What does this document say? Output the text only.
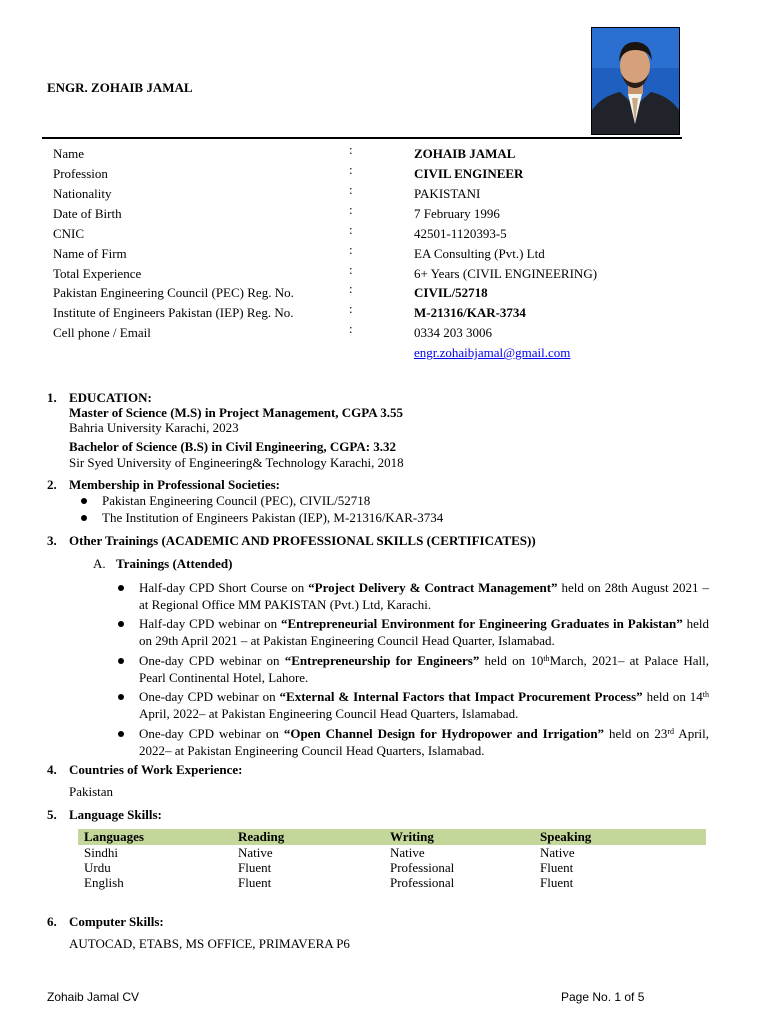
ENGR. ZOHAIB JAMAL
Name	:	ZOHAIB JAMAL
Profession	:	CIVIL ENGINEER
Nationality	:	PAKISTANI
Date of Birth	:	7 February 1996
CNIC	:	42501-1120393-5
Name of Firm	:	EA Consulting (Pvt.) Ltd
Total Experience	:	6+ Years (CIVIL ENGINEERING)
Pakistan Engineering Council (PEC) Reg. No.	:	CIVIL/52718
Institute of Engineers Pakistan (IEP) Reg. No.	:	M-21316/KAR-3734
Cell phone / Email	:	0334 203 3006
engr.zohaibjamal@gmail.com
1. EDUCATION:
Master of Science (M.S) in Project Management, CGPA 3.55
Bahria University Karachi, 2023
Bachelor of Science (B.S) in Civil Engineering, CGPA: 3.32
Sir Syed University of Engineering& Technology Karachi, 2018
2. Membership in Professional Societies:
Pakistan Engineering Council (PEC), CIVIL/52718
The Institution of Engineers Pakistan (IEP), M-21316/KAR-3734
3. Other Trainings (ACADEMIC AND PROFESSIONAL SKILLS (CERTIFICATES))
A. Trainings (Attended)
Half-day CPD Short Course on “Project Delivery & Contract Management” held on 28th August 2021 – at Regional Office MM PAKISTAN (Pvt.) Ltd, Karachi.
Half-day CPD webinar on “Entrepreneurial Environment for Engineering Graduates in Pakistan” held on 29th April 2021 – at Pakistan Engineering Council Head Quarter, Islamabad.
One-day CPD webinar on “Entrepreneurship for Engineers” held on 10thMarch, 2021– at Palace Hall, Pearl Continental Hotel, Lahore.
One-day CPD webinar on “External & Internal Factors that Impact Procurement Process” held on 14th April, 2022– at Pakistan Engineering Council Head Quarters, Islamabad.
One-day CPD webinar on “Open Channel Design for Hydropower and Irrigation” held on 23rd April, 2022– at Pakistan Engineering Council Head Quarters, Islamabad.
4. Countries of Work Experience:
Pakistan
5. Language Skills:
Languages	Reading	Writing	Speaking
Sindhi	Native	Native	Native
Urdu	Fluent	Professional	Fluent
English	Fluent	Professional	Fluent
6. Computer Skills:
AUTOCAD, ETABS, MS OFFICE, PRIMAVERA P6
Zohaib Jamal CV	Page No. 1 of 5
